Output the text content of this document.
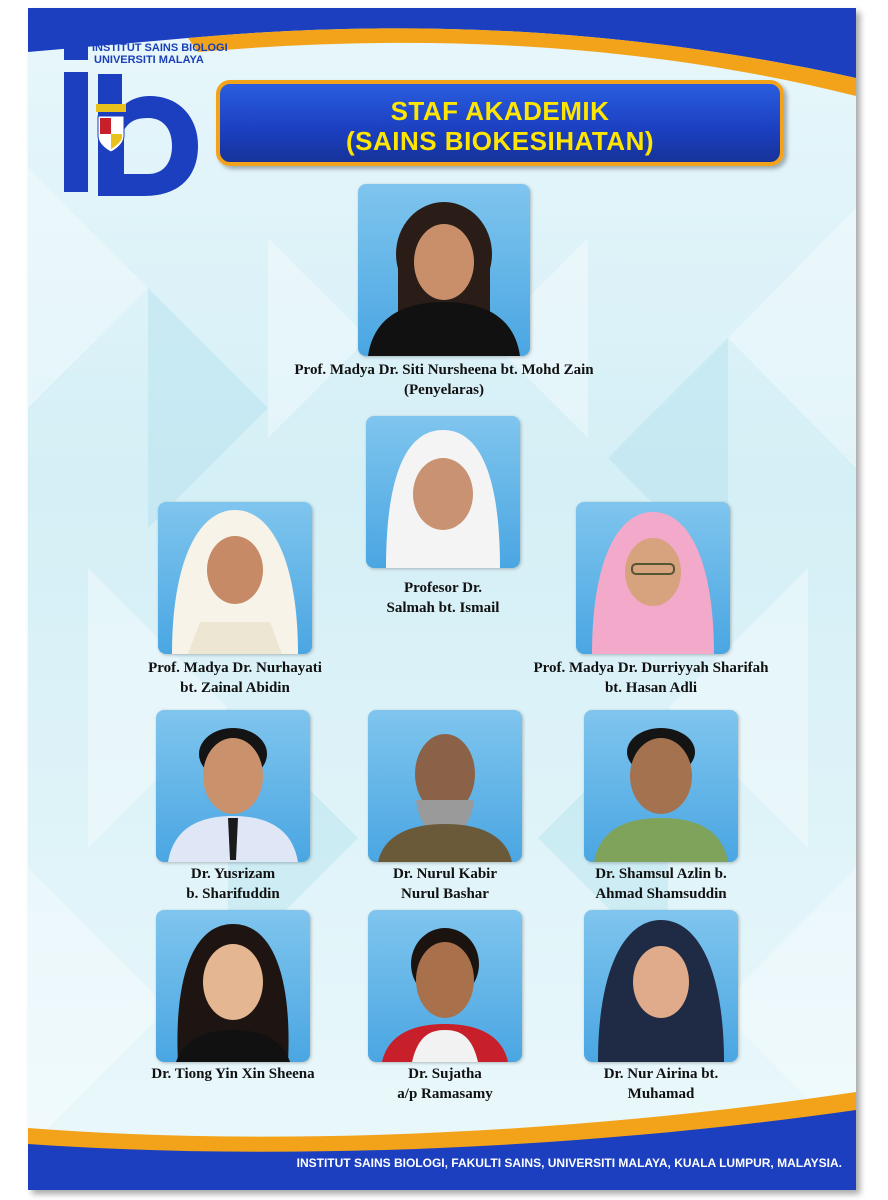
INSTITUT SAINS BIOLOGI
UNIVERSITI MALAYA
STAF AKADEMIK
(SAINS BIOKESIHATAN)
Prof. Madya Dr. Siti Nursheena bt. Mohd Zain
(Penyelaras)
Profesor Dr.
Salmah bt. Ismail
Prof. Madya Dr. Nurhayati
bt. Zainal Abidin
Prof. Madya Dr. Durriyyah Sharifah
bt. Hasan Adli
Dr. Yusrizam
b. Sharifuddin
Dr. Nurul Kabir
Nurul Bashar
Dr. Shamsul Azlin b.
Ahmad Shamsuddin
Dr. Tiong Yin Xin Sheena	Dr. Sujatha
a/p Ramasamy
Dr. Nur Airina bt.
Muhamad
INSTITUT SAINS BIOLOGI, FAKULTI SAINS, UNIVERSITI MALAYA, KUALA LUMPUR, MALAYSIA.
